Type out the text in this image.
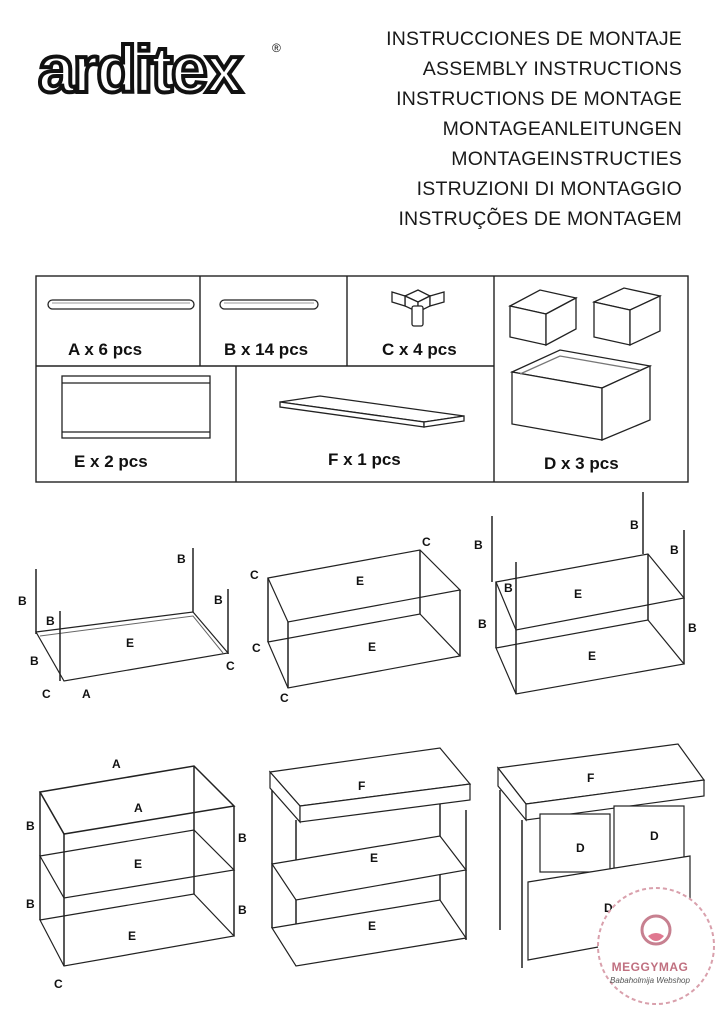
arditex	®	INSTRUCCIONES DE MONTAJE
ASSEMBLY INSTRUCTIONS
INSTRUCTIONS DE MONTAGE
MONTAGEANLEITUNGEN
MONTAGEINSTRUCTIES
ISTRUZIONI DI MONTAGGIO
INSTRUÇÕES DE MONTAGEM
A x 6 pcs	B x 14 pcs	C x 4 pcs
D x 3 pcs
E x 2 pcs	F x 1 pcs
E
B
B
B
B
B
C
C	A
E
E
C
C
C
C
E
E
B
B
B
B
B	B
A
A
E
E
B
B
B	B
C
F
E
E
F
D
D
D
MEGGYMAG
Babaholmija Webshop
